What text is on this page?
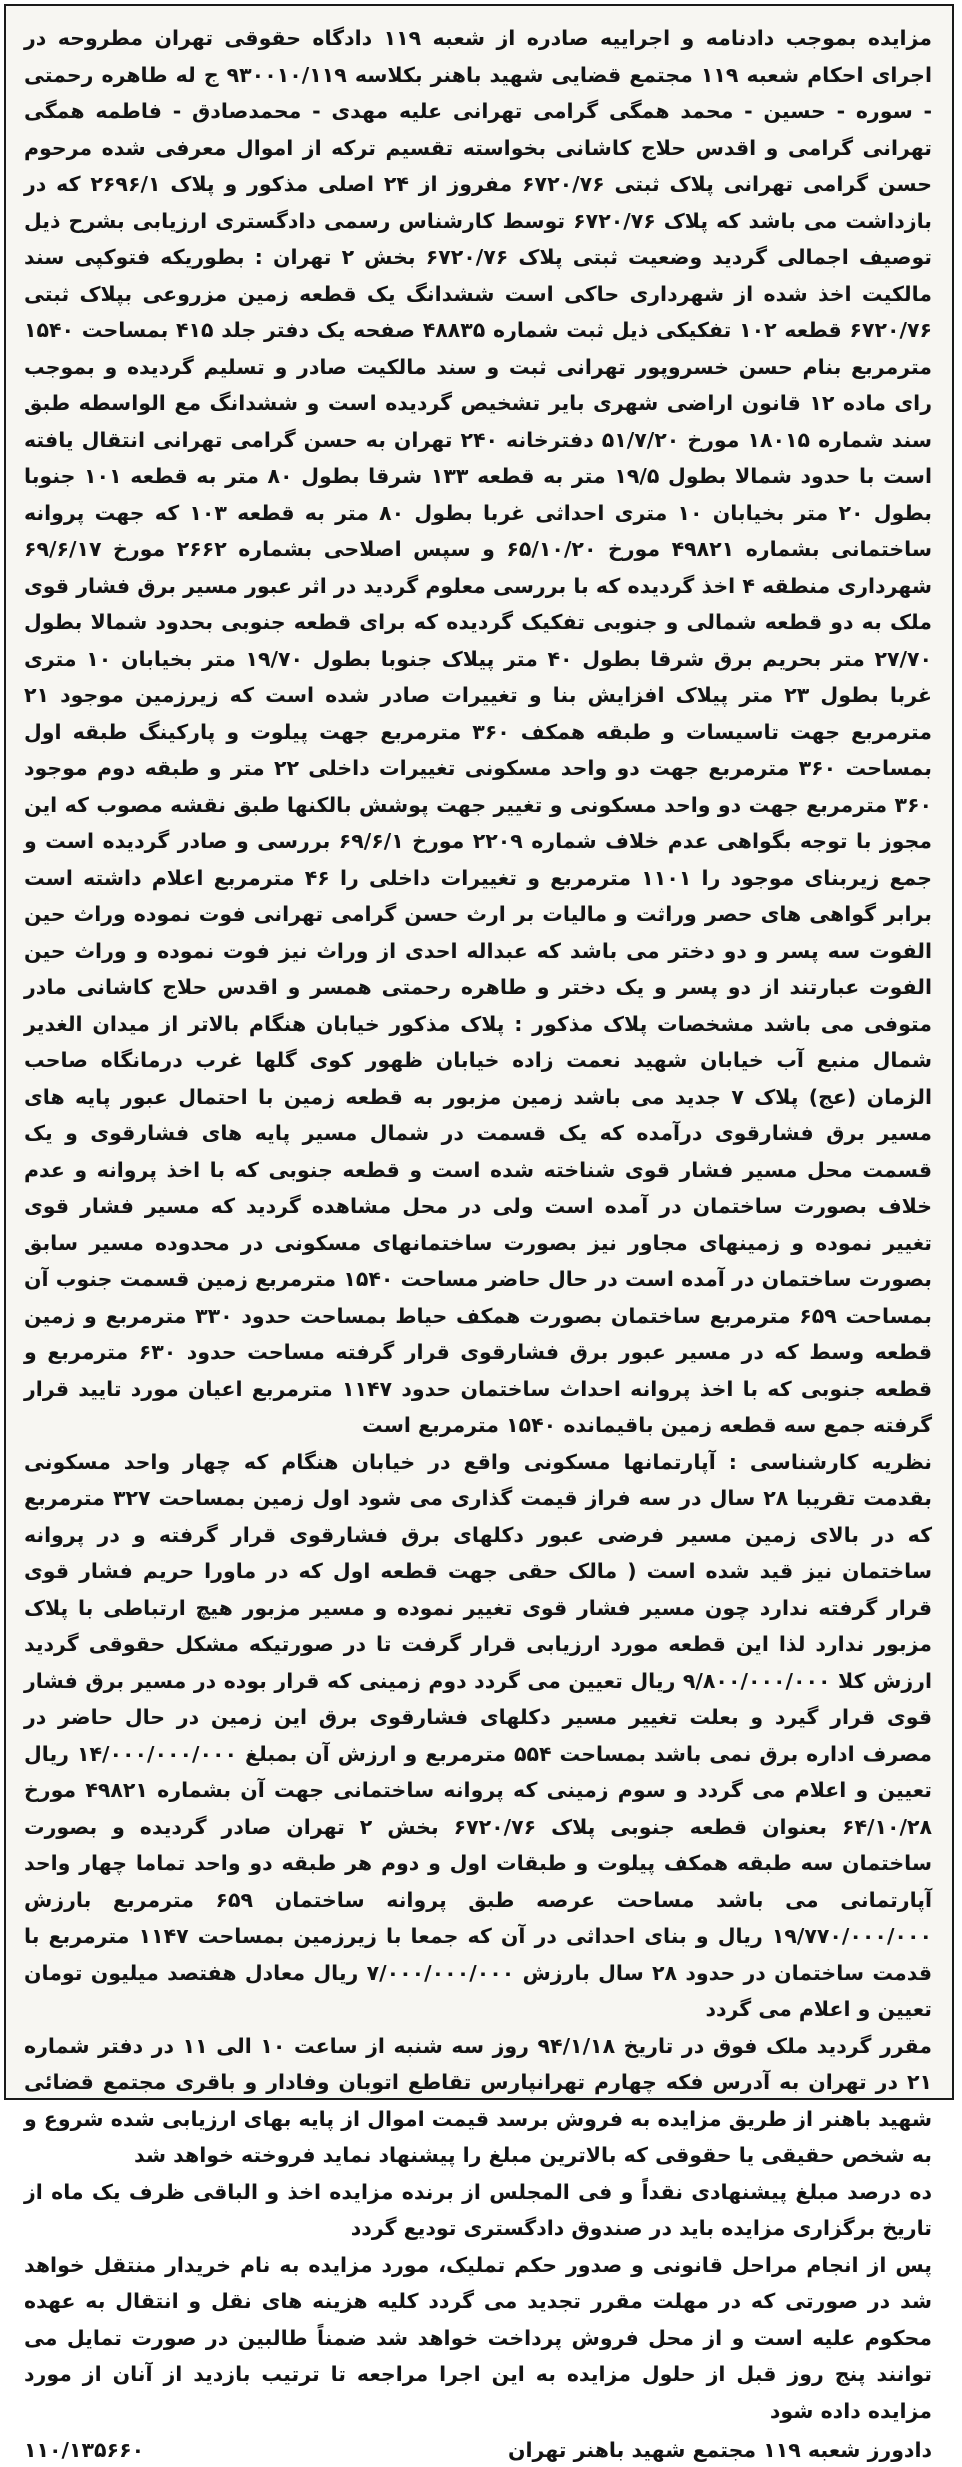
مزایده بموجب دادنامه و اجراییه صادره از شعبه ۱۱۹ دادگاه حقوقی تهران مطروحه در اجرای احکام شعبه ۱۱۹ مجتمع قضایی شهید باهنر بکلاسه ۹۳۰۰۱۰/۱۱۹ ج له طاهره رحمتی - سوره - حسین - محمد همگی گرامی تهرانی علیه مهدی - محمدصادق - فاطمه همگی تهرانی گرامی و اقدس حلاج کاشانی بخواسته تقسیم ترکه از اموال معرفی شده مرحوم حسن گرامی تهرانی پلاک ثبتی ۶۷۲۰/۷۶ مفروز از ۲۴ اصلی مذکور و پلاک ۲۶۹۶/۱ که در بازداشت می باشد که پلاک ۶۷۲۰/۷۶ توسط کارشناس رسمی دادگستری ارزیابی بشرح ذیل توصیف اجمالی گردید وضعیت ثبتی پلاک ۶۷۲۰/۷۶ بخش ۲ تهران : بطوریکه فتوکپی سند مالکیت اخذ شده از شهرداری حاکی است ششدانگ یک قطعه زمین مزروعی بپلاک ثبتی ۶۷۲۰/۷۶ قطعه ۱۰۲ تفکیکی ذیل ثبت شماره ۴۸۸۳۵ صفحه یک دفتر جلد ۴۱۵ بمساحت ۱۵۴۰ مترمربع بنام حسن خسروپور تهرانی ثبت و سند مالکیت صادر و تسلیم گردیده و بموجب رای ماده ۱۲ قانون اراضی شهری بایر تشخیص گردیده است و ششدانگ مع الواسطه طبق سند شماره ۱۸۰۱۵ مورخ ۵۱/۷/۲۰ دفترخانه ۲۴۰ تهران به حسن گرامی تهرانی انتقال یافته است با حدود شمالا بطول ۱۹/۵ متر به قطعه ۱۳۳ شرقا بطول ۸۰ متر به قطعه ۱۰۱ جنوبا بطول ۲۰ متر بخیابان ۱۰ متری احداثی غربا بطول ۸۰ متر به قطعه ۱۰۳ که جهت پروانه ساختمانی بشماره ۴۹۸۲۱ مورخ ۶۵/۱۰/۲۰ و سپس اصلاحی بشماره ۲۶۶۲ مورخ ۶۹/۶/۱۷ شهرداری منطقه ۴ اخذ گردیده که با بررسی معلوم گردید در اثر عبور مسیر برق فشار قوی ملک به دو قطعه شمالی و جنوبی تفکیک گردیده که برای قطعه جنوبی بحدود شمالا بطول ۲۷/۷۰ متر بحریم برق شرقا بطول ۴۰ متر پیلاک جنوبا بطول ۱۹/۷۰ متر بخیابان ۱۰ متری غربا بطول ۲۳ متر پیلاک افزایش بنا و تغییرات صادر شده است که زیرزمین موجود ۲۱ مترمربع جهت تاسیسات و طبقه همکف ۳۶۰ مترمربع جهت پیلوت و پارکینگ طبقه اول بمساحت ۳۶۰ مترمربع جهت دو واحد مسکونی تغییرات داخلی ۲۲ متر و طبقه دوم موجود ۳۶۰ مترمربع جهت دو واحد مسکونی و تغییر جهت پوشش بالکنها طبق نقشه مصوب که این مجوز با توجه بگواهی عدم خلاف شماره ۲۲۰۹ مورخ ۶۹/۶/۱ بررسی و صادر گردیده است و جمع زیربنای موجود را ۱۱۰۱ مترمربع و تغییرات داخلی را ۴۶ مترمربع اعلام داشته است برابر گواهی های حصر وراثت و مالیات بر ارث حسن گرامی تهرانی فوت نموده وراث حین الفوت سه پسر و دو دختر می باشد که عبداله احدی از وراث نیز فوت نموده و وراث حین الفوت عبارتند از دو پسر و یک دختر و طاهره رحمتی همسر و اقدس حلاج کاشانی مادر متوفی می باشد مشخصات پلاک مذکور : پلاک مذکور خیابان هنگام بالاتر از میدان الغدیر شمال منبع آب خیابان شهید نعمت زاده خیابان ظهور کوی گلها غرب درمانگاه صاحب الزمان (عج) پلاک ۷ جدید می باشد زمین مزبور به قطعه زمین با احتمال عبور پایه های مسیر برق فشارقوی درآمده که یک قسمت در شمال مسیر پایه های فشارقوی و یک قسمت محل مسیر فشار قوی شناخته شده است و قطعه جنوبی که با اخذ پروانه و عدم خلاف بصورت ساختمان در آمده است ولی در محل مشاهده گردید که مسیر فشار قوی تغییر نموده و زمینهای مجاور نیز بصورت ساختمانهای مسکونی در محدوده مسیر سابق بصورت ساختمان در آمده است در حال حاضر مساحت ۱۵۴۰ مترمربع زمین قسمت جنوب آن بمساحت ۶۵۹ مترمربع ساختمان بصورت همکف حیاط بمساحت حدود ۳۳۰ مترمربع و زمین قطعه وسط که در مسیر عبور برق فشارقوی قرار گرفته مساحت حدود ۶۳۰ مترمربع و قطعه جنوبی که با اخذ پروانه احداث ساختمان حدود ۱۱۴۷ مترمربع اعیان مورد تایید قرار گرفته جمع سه قطعه زمین باقیمانده ۱۵۴۰ مترمربع است

نظریه کارشناسی : آپارتمانها مسکونی واقع در خیابان هنگام که چهار واحد مسکونی بقدمت تقریبا ۲۸ سال در سه فراز قیمت گذاری می شود اول زمین بمساحت ۳۲۷ مترمربع که در بالای زمین مسیر فرضی عبور دکلهای برق فشارقوی قرار گرفته و در پروانه ساختمان نیز قید شده است ( مالک حقی جهت قطعه اول که در ماورا حریم فشار قوی قرار گرفته ندارد چون مسیر فشار قوی تغییر نموده و مسیر مزبور هیچ ارتباطی با پلاک مزبور ندارد لذا این قطعه مورد ارزیابی قرار گرفت تا در صورتیکه مشکل حقوقی گردید ارزش کلا ۹/۸۰۰/۰۰۰/۰۰۰ ریال تعیین می گردد دوم زمینی که قرار بوده در مسیر برق فشار قوی قرار گیرد و بعلت تغییر مسیر دکلهای فشارقوی برق این زمین در حال حاضر در مصرف اداره برق نمی باشد بمساحت ۵۵۴ مترمربع و ارزش آن بمبلغ ۱۴/۰۰۰/۰۰۰/۰۰۰ ریال تعیین و اعلام می گردد و سوم زمینی که پروانه ساختمانی جهت آن بشماره ۴۹۸۲۱ مورخ ۶۴/۱۰/۲۸ بعنوان قطعه جنوبی پلاک ۶۷۲۰/۷۶ بخش ۲ تهران صادر گردیده و بصورت ساختمان سه طبقه همکف پیلوت و طبقات اول و دوم هر طبقه دو واحد تماما چهار واحد آپارتمانی می باشد مساحت عرصه طبق پروانه ساختمان ۶۵۹ مترمربع بارزش ۱۹/۷۷۰/۰۰۰/۰۰۰ ریال و بنای احداثی در آن که جمعا با زیرزمین بمساحت ۱۱۴۷ مترمربع با قدمت ساختمان در حدود ۲۸ سال بارزش ۷/۰۰۰/۰۰۰/۰۰۰ ریال معادل هفتصد میلیون تومان تعیین و اعلام می گردد

مقرر گردید ملک فوق در تاریخ ۹۴/۱/۱۸ روز سه شنبه از ساعت ۱۰ الی ۱۱ در دفتر شماره ۲۱ در تهران به آدرس فکه چهارم تهرانپارس تقاطع اتوبان وفادار و باقری مجتمع قضائی شهید باهنر از طریق مزایده به فروش برسد قیمت اموال از پایه بهای ارزیابی شده شروع و به شخص حقیقی یا حقوقی که بالاترین مبلغ را پیشنهاد نماید فروخته خواهد شد

ده درصد مبلغ پیشنهادی نقداً و فی المجلس از برنده مزایده اخذ و الباقی ظرف یک ماه از تاریخ برگزاری مزایده باید در صندوق دادگستری تودیع گردد

پس از انجام مراحل قانونی و صدور حکم تملیک، مورد مزایده به نام خریدار منتقل خواهد شد در صورتی که در مهلت مقرر تجدید می گردد کلیه هزینه های نقل و انتقال به عهده محکوم علیه است و از محل فروش پرداخت خواهد شد ضمناً طالبین در صورت تمایل می توانند پنج روز قبل از حلول مزایده به این اجرا مراجعه تا ترتیب بازدید از آنان از مورد مزایده داده شود

دادورز شعبه ۱۱۹ مجتمع شهید باهنر تهران
۱۱۰/۱۳۵۶۶۰
